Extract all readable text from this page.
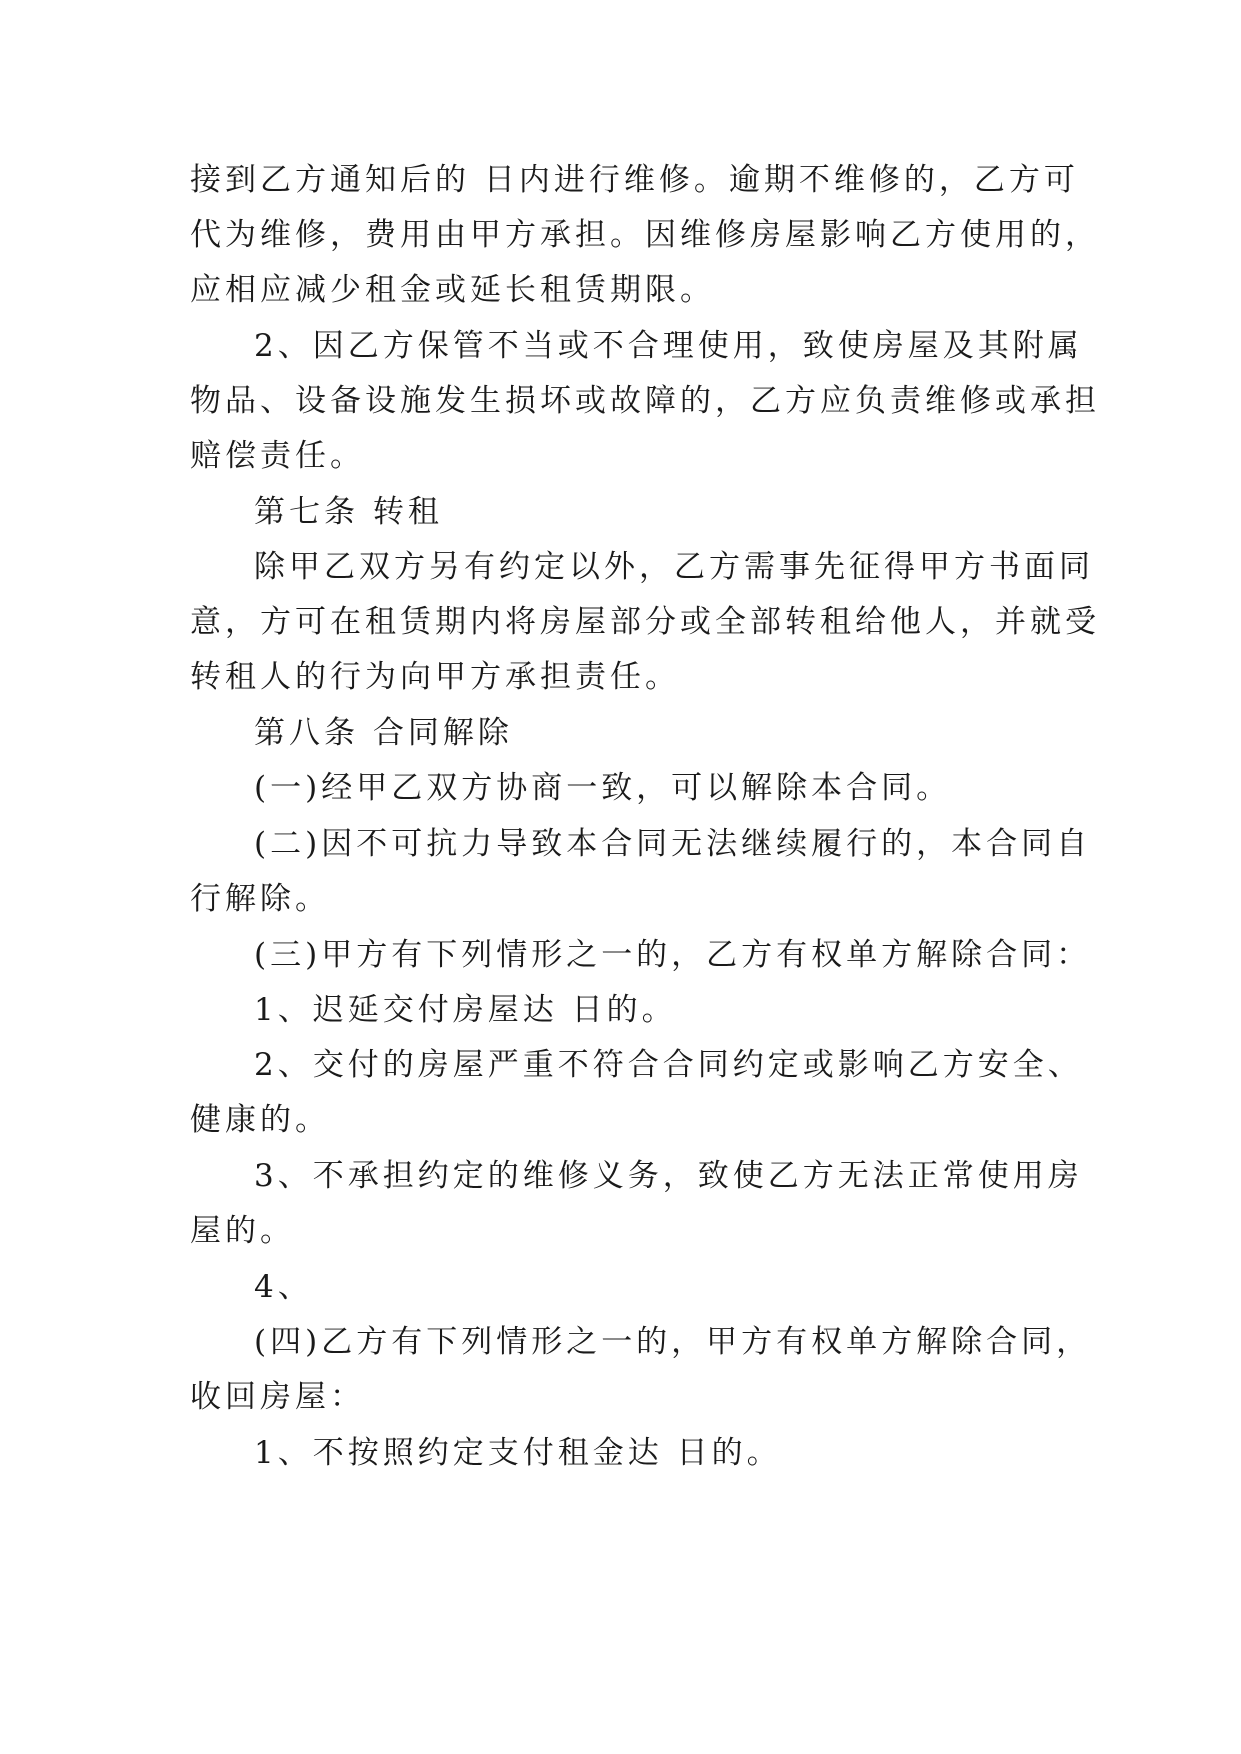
接到乙方通知后的 日内进行维修。逾期不维修的，乙方可
代为维修，费用由甲方承担。因维修房屋影响乙方使用的，
应相应减少租金或延长租赁期限。
2、因乙方保管不当或不合理使用，致使房屋及其附属
物品、设备设施发生损坏或故障的，乙方应负责维修或承担
赔偿责任。
第七条 转租
除甲乙双方另有约定以外，乙方需事先征得甲方书面同
意，方可在租赁期内将房屋部分或全部转租给他人，并就受
转租人的行为向甲方承担责任。
第八条 合同解除
(一)经甲乙双方协商一致，可以解除本合同。
(二)因不可抗力导致本合同无法继续履行的，本合同自
行解除。
(三)甲方有下列情形之一的，乙方有权单方解除合同：
1、迟延交付房屋达 日的。
2、交付的房屋严重不符合合同约定或影响乙方安全、
健康的。
3、不承担约定的维修义务，致使乙方无法正常使用房
屋的。
4、
(四)乙方有下列情形之一的，甲方有权单方解除合同，
收回房屋：
1、不按照约定支付租金达 日的。
